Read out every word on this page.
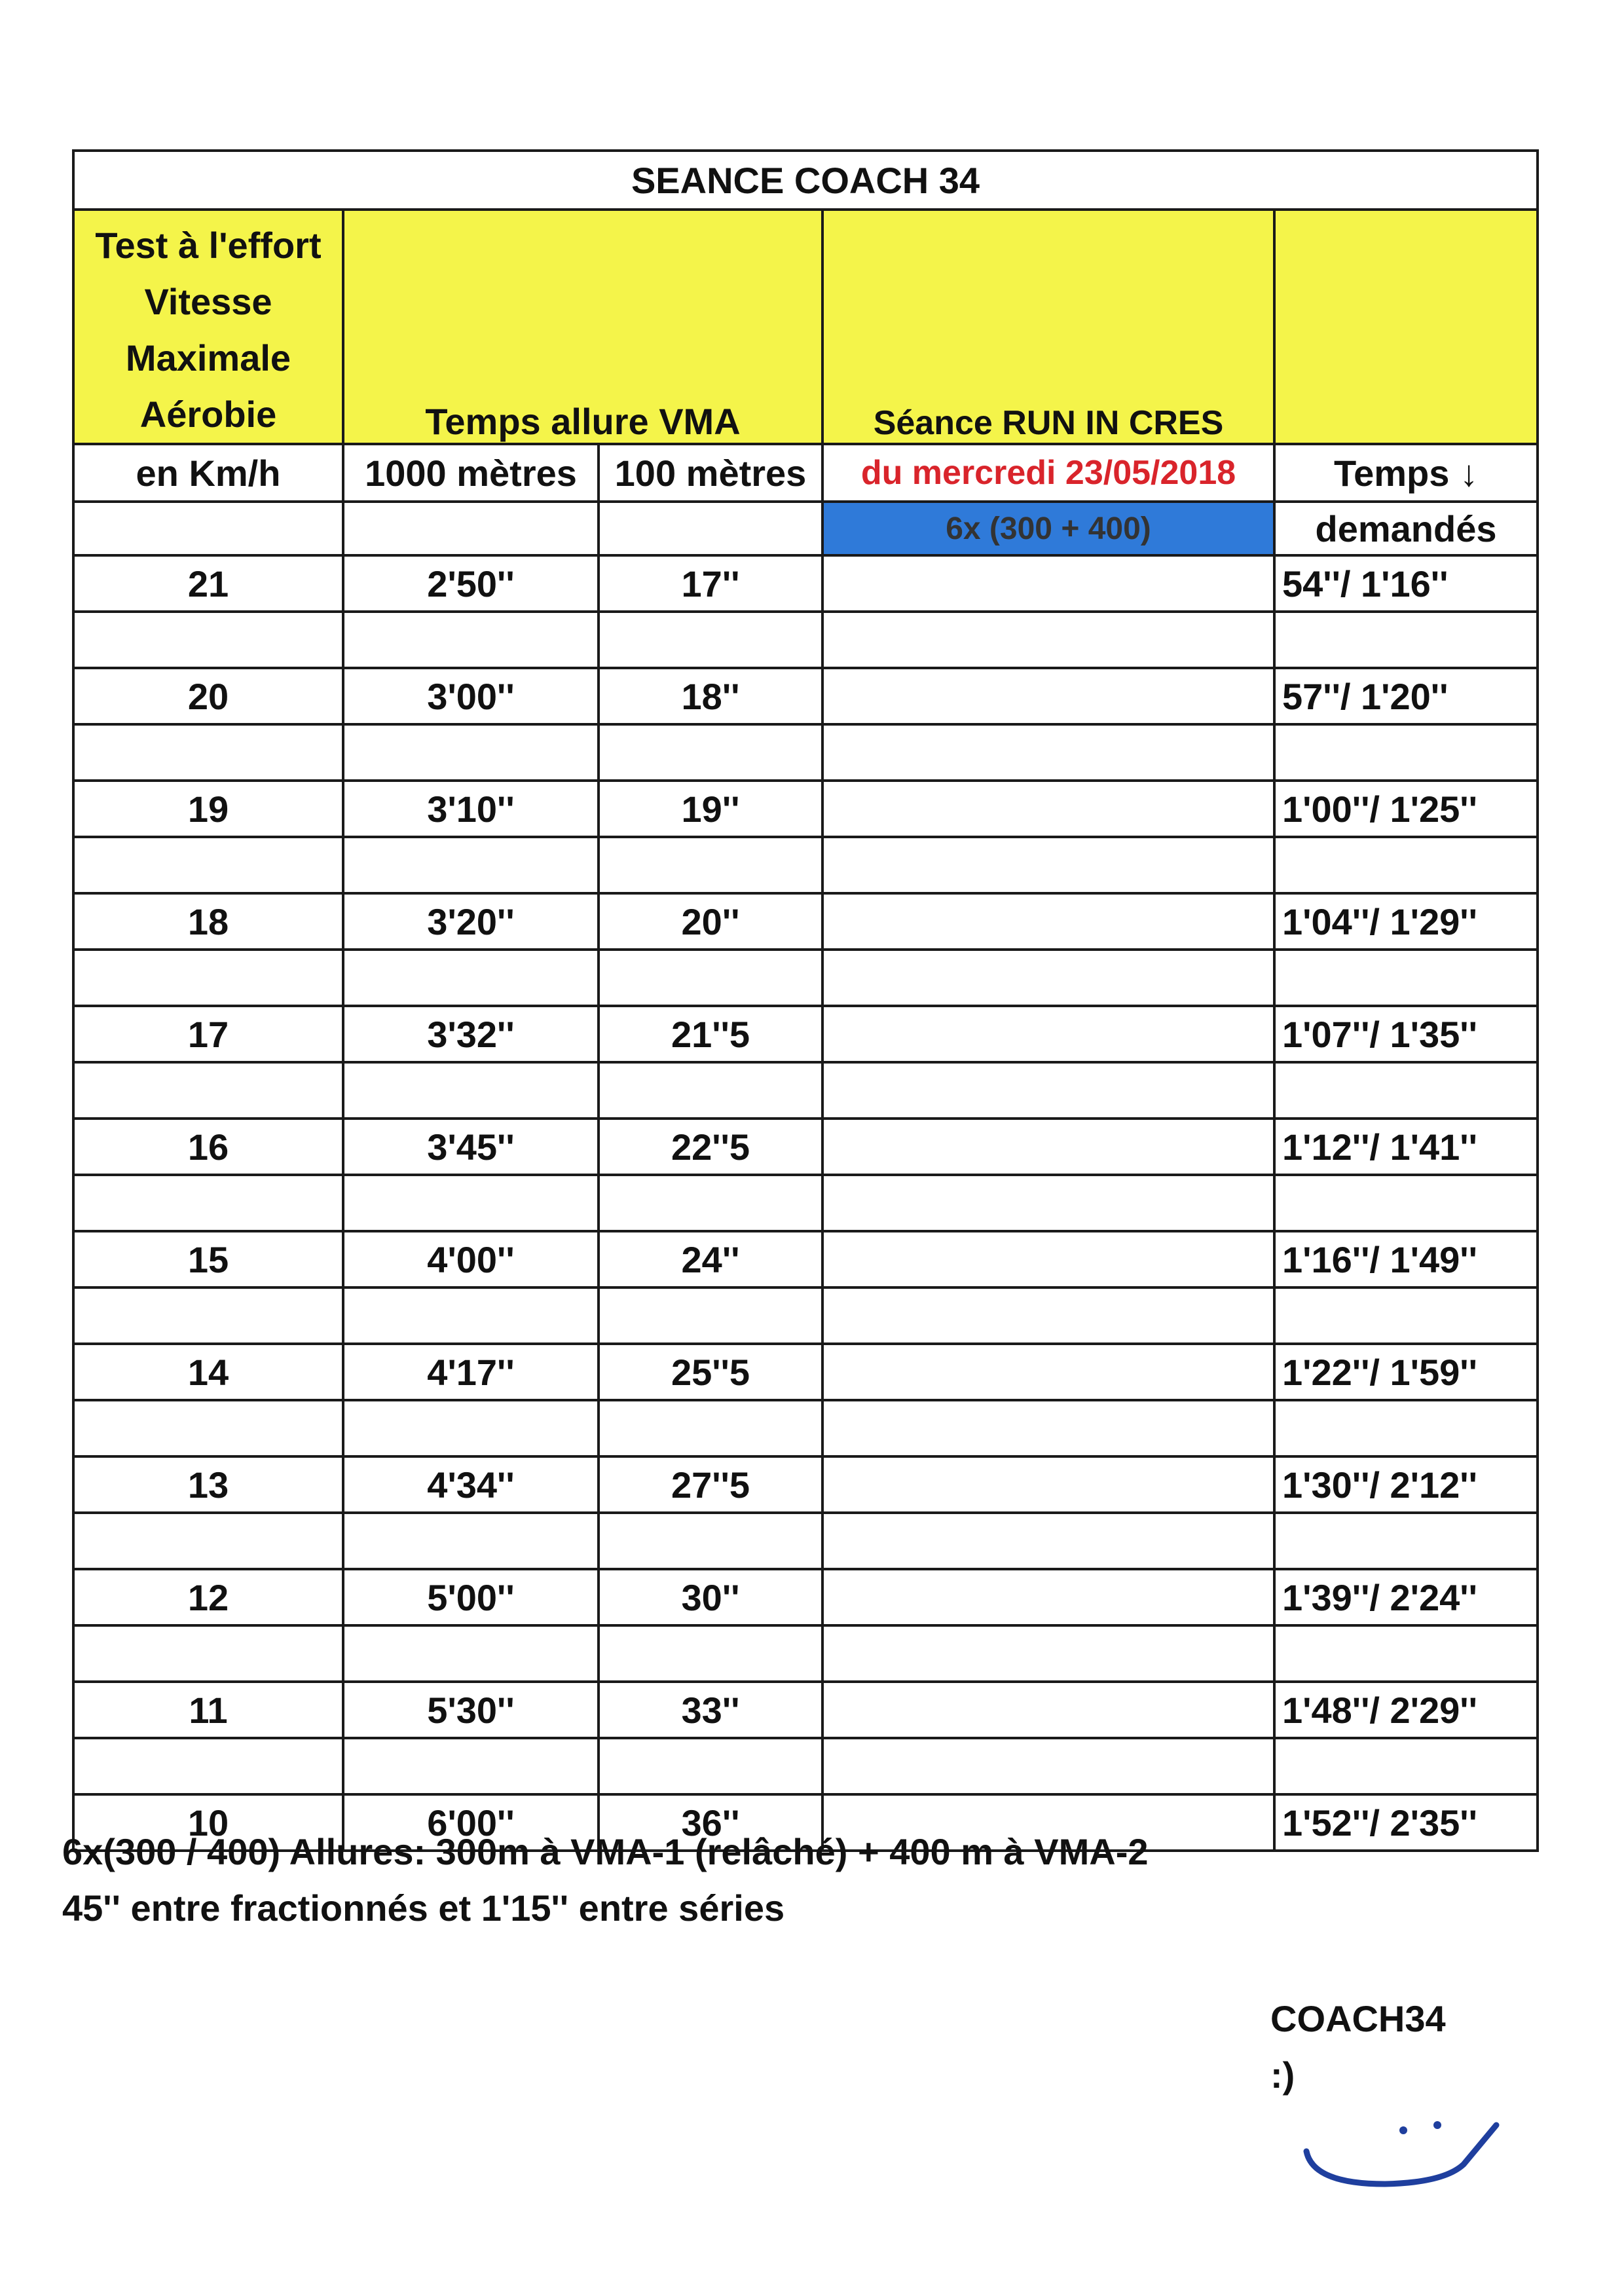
SEANCE COACH 34				

Test à l'effort
Vitesse
Maximale
Aérobie	Temps allure VMA		Séance RUN IN CRES	
en Km/h	1000 mètres	100 mètres	du mercredi 23/05/2018	Temps ↓
			6x (300 + 400)	demandés
21	2'50''	17''		54''/ 1'16''

20	3'00''	18''		57''/ 1'20''

19	3'10''	19''		1'00''/ 1'25''

18	3'20''	20''		1'04''/ 1'29''

17	3'32''	21''5		1'07''/ 1'35''

16	3'45''	22''5		1'12''/ 1'41''

15	4'00''	24''		1'16''/ 1'49''

14	4'17''	25''5		1'22''/ 1'59''

13	4'34''	27''5		1'30''/ 2'12''

12	5'00''	30''		1'39''/ 2'24''

11	5'30''	33''		1'48''/ 2'29''

10	6'00''	36''		1'52''/ 2'35''
6x(300 / 400) Allures: 300m à VMA-1 (relâché) + 400 m à VMA-2
45'' entre fractionnés et 1'15'' entre séries
COACH34
:)
